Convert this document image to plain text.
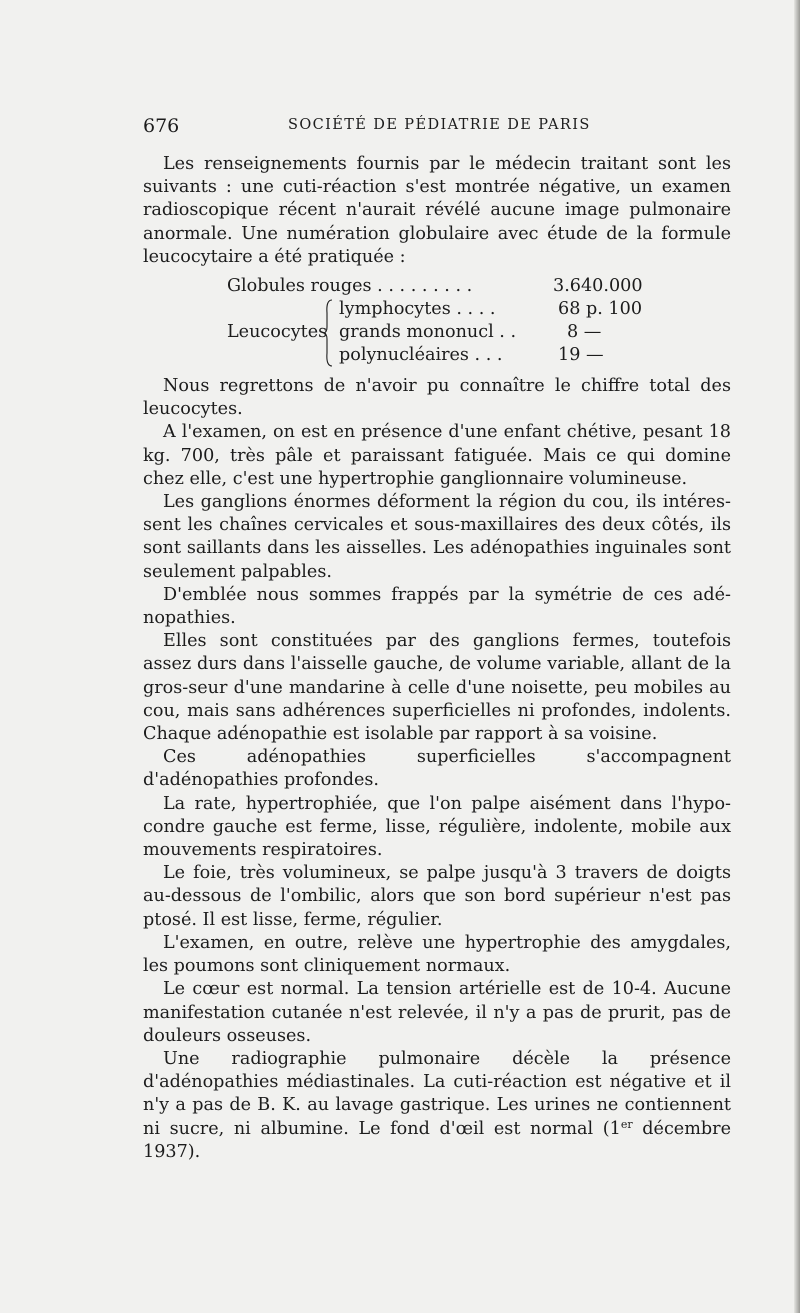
676	SOCIÉTÉ DE PÉDIATRIE DE PARIS

Les renseignements fournis par le médecin traitant sont les suivants : une cuti-réaction s'est montrée négative, un examen radioscopique récent n'aurait révélé aucune image pulmonaire anormale. Une numération globulaire avec étude de la formule leucocytaire a été pratiquée :

Globules rouges . . . . . . . . .	3.640.000
Leucocytes
lymphocytes . . . .	68 p. 100
grands mononucl . .	8 —
polynucléaires . . .	19 —

Nous regrettons de n'avoir pu connaître le chiffre total des leucocytes.

A l'examen, on est en présence d'une enfant chétive, pesant 18 kg. 700, très pâle et paraissant fatiguée. Mais ce qui domine chez elle, c'est une hypertrophie ganglionnaire volumineuse.

Les ganglions énormes déforment la région du cou, ils intéres-sent les chaînes cervicales et sous-maxillaires des deux côtés, ils sont saillants dans les aisselles. Les adénopathies inguinales sont seulement palpables.

D'emblée nous sommes frappés par la symétrie de ces adé-nopathies.

Elles sont constituées par des ganglions fermes, toutefois assez durs dans l'aisselle gauche, de volume variable, allant de la gros-seur d'une mandarine à celle d'une noisette, peu mobiles au cou, mais sans adhérences superficielles ni profondes, indolents. Chaque adénopathie est isolable par rapport à sa voisine.

Ces adénopathies superficielles s'accompagnent d'adénopathies profondes.

La rate, hypertrophiée, que l'on palpe aisément dans l'hypo-condre gauche est ferme, lisse, régulière, indolente, mobile aux mouvements respiratoires.

Le foie, très volumineux, se palpe jusqu'à 3 travers de doigts au-dessous de l'ombilic, alors que son bord supérieur n'est pas ptosé. Il est lisse, ferme, régulier.

L'examen, en outre, relève une hypertrophie des amygdales, les poumons sont cliniquement normaux.

Le cœur est normal. La tension artérielle est de 10-4. Aucune manifestation cutanée n'est relevée, il n'y a pas de prurit, pas de douleurs osseuses.

Une radiographie pulmonaire décèle la présence d'adénopathies médiastinales. La cuti-réaction est négative et il n'y a pas de B. K. au lavage gastrique. Les urines ne contiennent ni sucre, ni albumine. Le fond d'œil est normal (1er décembre 1937).
